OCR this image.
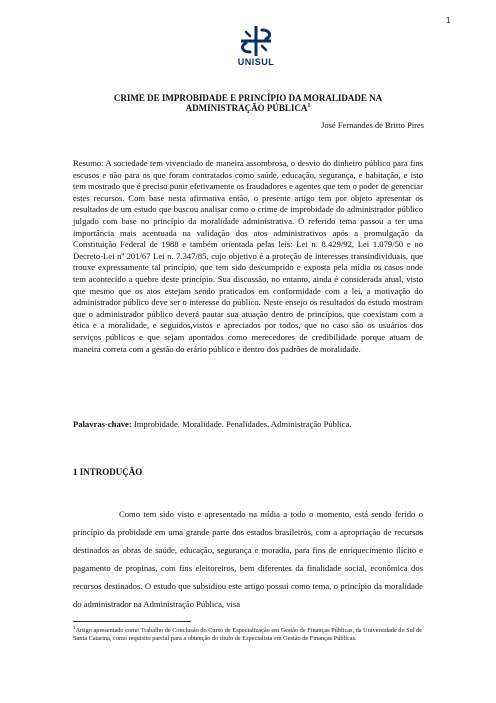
1
UNISUL
CRIME DE IMPROBIDADE E PRINCÍPIO DA MORALIDADE NA
ADMINISTRAÇÃO PÚBLICA$^1$
José Fernandes de Britto Pires

Resumo: A sociedade tem vivenciado de maneira assombrosa, o desvio do dinheiro público para fins escusos e não para os que foram contratados como saúde, educação, segurança, e habitação, e isto tem mostrado que é preciso punir efetivamente os fraudadores e agentes que tem o poder de gerenciar estes recursos. Com base nesta afirmativa então, o presente artigo tem por objeto apresentar os resultados de um estudo que buscou analisar como o crime de improbidade do administrador público julgado com base no princípio da moralidade administrativa. O referido tema passou a ter uma importância mais acentuada na validação dos atos administrativos após a promulgação da Constituição Federal de 1988 e também orientada pelas leis: Lei n. 8.429/92, Lei 1.079/50 e no Decreto-Lei nº 201/67 Lei n. 7.347/85, cujo objetivo é a proteção de interesses transindividuais, que trouxe expressamente tal princípio, que tem sido descumprido e exposta pela mídia os casos onde tem acontecido a quebre deste princípio. Sua discussão, no entanto, ainda é considerada atual, visto que mesmo que os atos estejam sendo praticados em conformidade com a lei, a motivação do administrador público deve ser o interesse do público. Neste ensejo os resultados do estudo mostram que o administrador público deverá pautar sua atuação dentro de princípios, que coexistam com a ética e a moralidade, e seguidos,vistos e apreciados por todos, que no caso são os usuários dos serviços públicos e que sejam apontados como merecedores de credibilidade porque atuam de maneira correta com a gestão do erário público e dentro dos padrões de moralidade.

Palavras-chave: Improbidade. Moralidade. Penalidades. Administração Pública.

1 INTRODUÇÃO

Como tem sido visto e apresentado na mídia a todo o momento, está sendo ferido o princípio da probidade em uma grande parte dos estados brasileiros, com a apropriação de recursos destinados as obras de saúde, educação, segurança e moradia, para fins de enriquecimento ilícito e pagamento de propinas, com fins eleitoreiros, bem diferentes da finalidade social, econômica dos recursos destinados. O estudo que subsidiou este artigo possui como tema, o princípio da moralidade do administrador na Administração Pública, visa

$^1$Artigo apresentado como Trabalho de Conclusão do Curso de Especialização em Gestão de Finanças Públicas, da Universidade do Sul de Santa Catarina, como requisito parcial para a obtenção do título de Especialista em Gestão de Finanças Públicas.
